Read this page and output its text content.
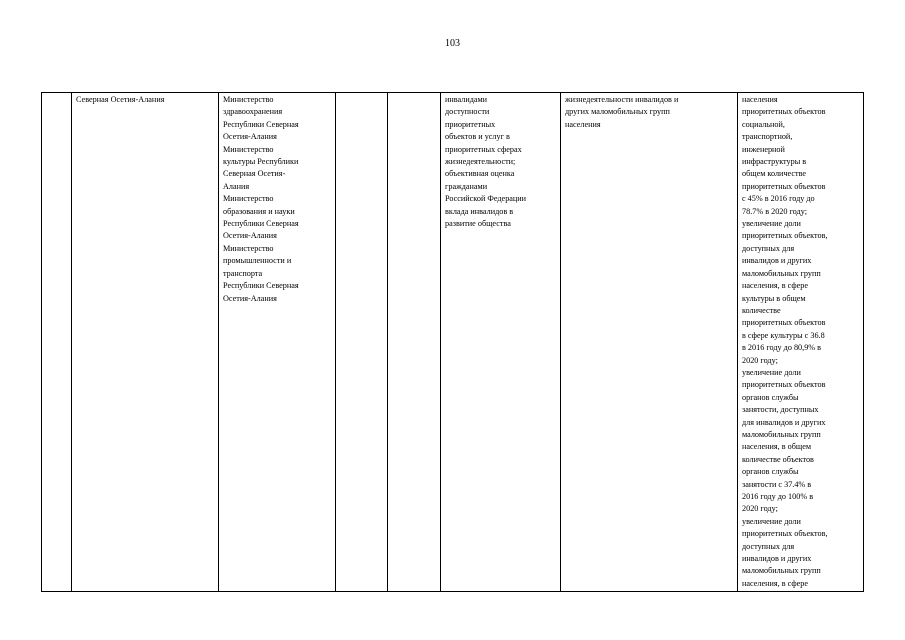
103
	Северная Осетия-Алания	Министерство
здравоохранения
Республики Северная
Осетия-Алания
Министерство
культуры Республики
Северная Осетия-
Алания
Министерство
образования и науки
Республики Северная
Осетия-Алания
Министерство
промышленности и
транспорта
Республики Северная
Осетия-Алания			инвалидами
доступности
приоритетных
объектов и услуг в
приоритетных сферах
жизнедеятельности;
объективная оценка
гражданами
Российской Федерации
вклада инвалидов в
развитие общества	жизнедеятельности инвалидов и
других маломобильных групп
населения	населения
приоритетных объектов
социальной,
транспортной,
инженерной
инфраструктуры в
общем количестве
приоритетных объектов
с 45% в 2016 году до
78.7% в 2020 году;
увеличение доли
приоритетных объектов,
доступных для
инвалидов и других
маломобильных групп
населения, в сфере
культуры в общем
количестве
приоритетных объектов
в сфере культуры с 36.8
в 2016 году до 80,9% в
2020 году;
увеличение доли
приоритетных объектов
органов службы
занятости, доступных
для инвалидов и других
маломобильных групп
населения, в общем
количестве объектов
органов службы
занятости с 37.4% в
2016 году до 100% в
2020 году;
увеличение доли
приоритетных объектов,
доступных для
инвалидов и других
маломобильных групп
населения, в сфере
